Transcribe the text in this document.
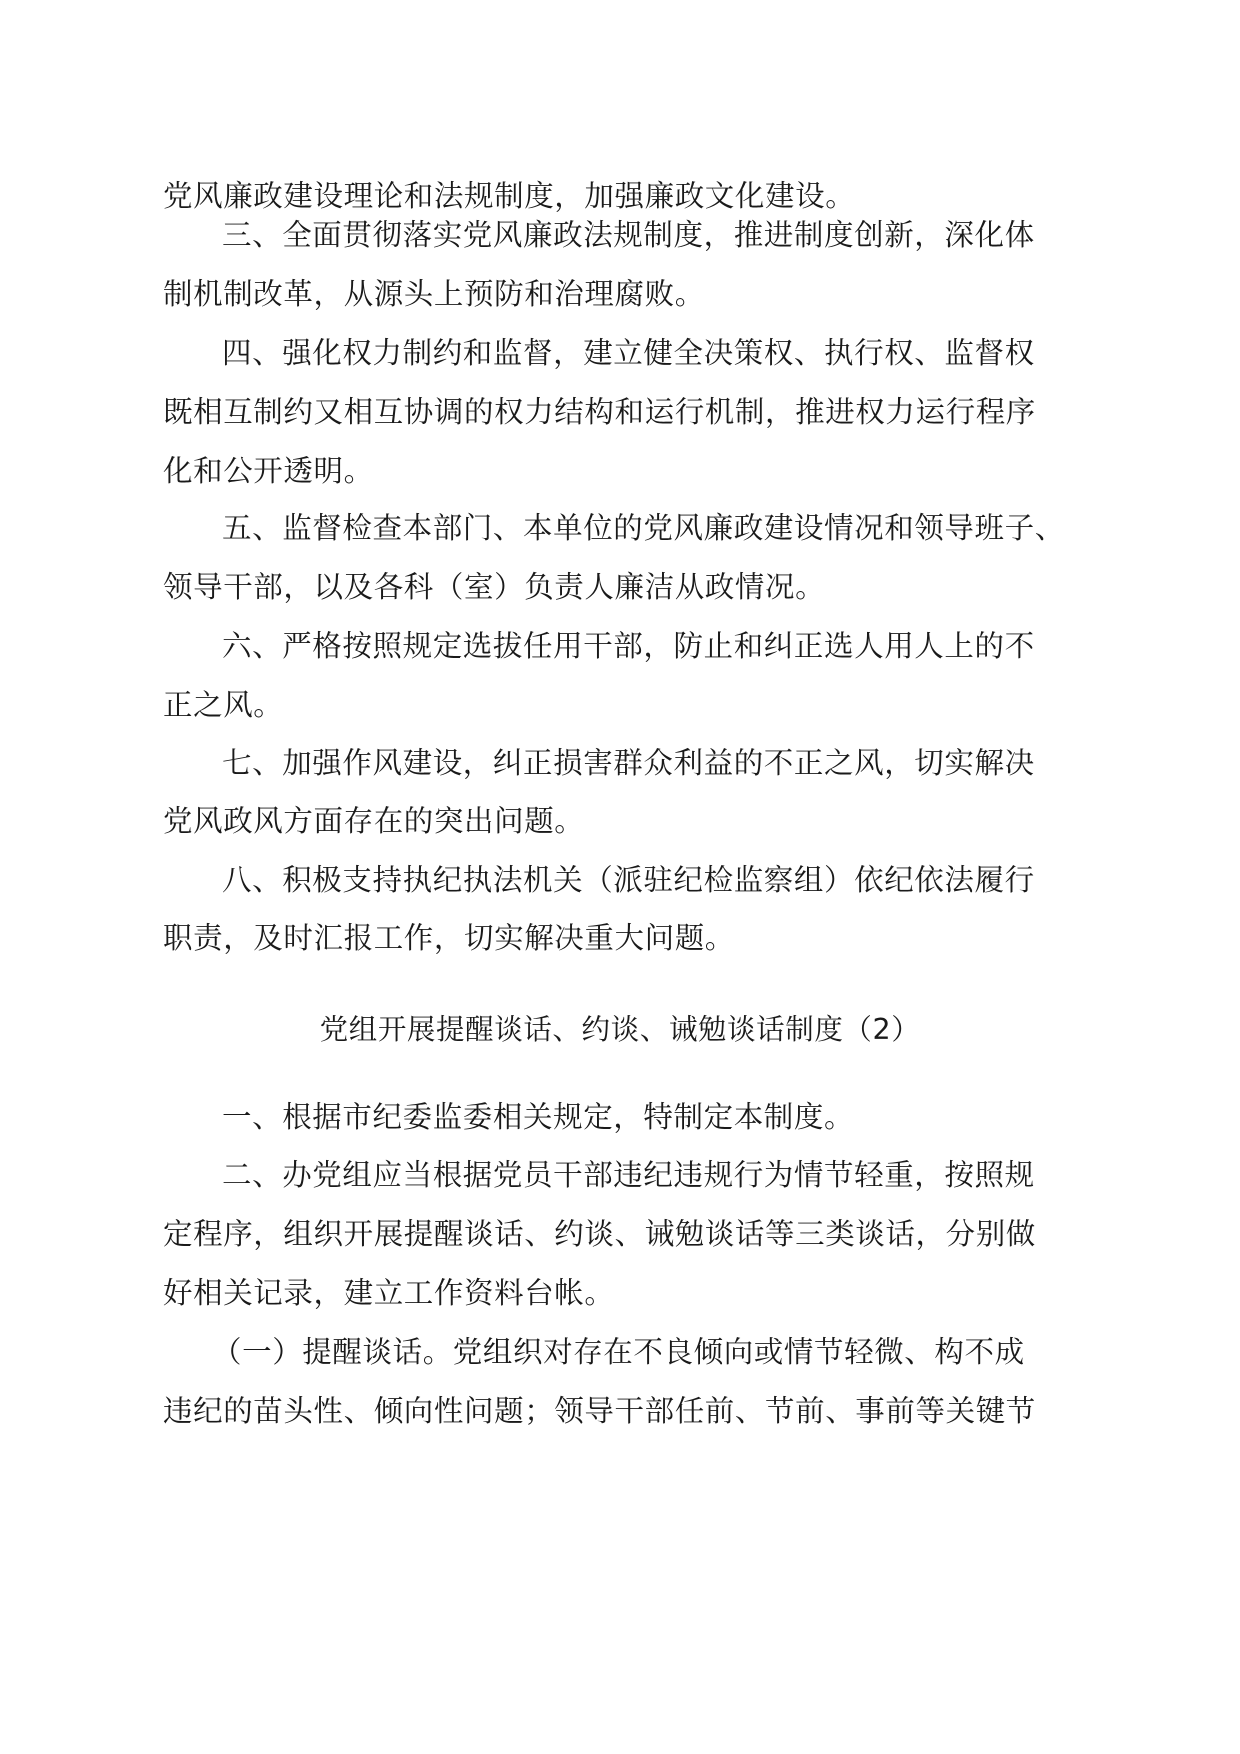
党风廉政建设理论和法规制度，加强廉政文化建设。
三、全面贯彻落实党风廉政法规制度，推进制度创新，深化体
制机制改革，从源头上预防和治理腐败。
四、强化权力制约和监督，建立健全决策权、执行权、监督权
既相互制约又相互协调的权力结构和运行机制，推进权力运行程序
化和公开透明。
五、监督检查本部门、本单位的党风廉政建设情况和领导班子、
领导干部，以及各科（室）负责人廉洁从政情况。
六、严格按照规定选拔任用干部，防止和纠正选人用人上的不
正之风。
七、加强作风建设，纠正损害群众利益的不正之风，切实解决
党风政风方面存在的突出问题。
八、积极支持执纪执法机关（派驻纪检监察组）依纪依法履行
职责，及时汇报工作，切实解决重大问题。
党组开展提醒谈话、约谈、诫勉谈话制度（2）
一、根据市纪委监委相关规定，特制定本制度。
二、办党组应当根据党员干部违纪违规行为情节轻重，按照规
定程序，组织开展提醒谈话、约谈、诫勉谈话等三类谈话，分别做
好相关记录，建立工作资料台帐。
（一）提醒谈话。党组织对存在不良倾向或情节轻微、构不成
违纪的苗头性、倾向性问题；领导干部任前、节前、事前等关键节
